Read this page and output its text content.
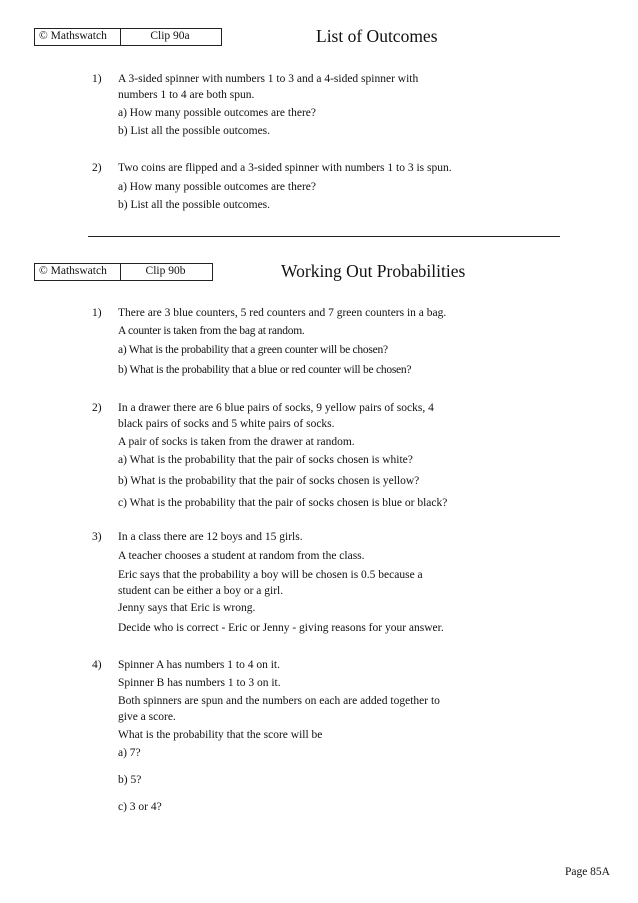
© Mathswatch	Clip 90a	List of Outcomes
1) A 3-sided spinner with numbers 1 to 3 and a 4-sided spinner with
numbers 1 to 4 are both spun.
a) How many possible outcomes are there?
b) List all the possible outcomes.
2) Two coins are flipped and a 3-sided spinner with numbers 1 to 3 is spun.
a) How many possible outcomes are there?
b) List all the possible outcomes.
© Mathswatch	Clip 90b	Working Out Probabilities
1) There are 3 blue counters, 5 red counters and 7 green counters in a bag.
A counter is taken from the bag at random.
a) What is the probability that a green counter will be chosen?
b) What is the probability that a blue or red counter will be chosen?
2) In a drawer there are 6 blue pairs of socks, 9 yellow pairs of socks, 4
black pairs of socks and 5 white pairs of socks.
A pair of socks is taken from the drawer at random.
a) What is the probability that the pair of socks chosen is white?
b) What is the probability that the pair of socks chosen is yellow?
c) What is the probability that the pair of socks chosen is blue or black?
3) In a class there are 12 boys and 15 girls.
A teacher chooses a student at random from the class.
Eric says that the probability a boy will be chosen is 0.5 because a
student can be either a boy or a girl.
Jenny says that Eric is wrong.
Decide who is correct - Eric or Jenny - giving reasons for your answer.
4) Spinner A has numbers 1 to 4 on it.
Spinner B has numbers 1 to 3 on it.
Both spinners are spun and the numbers on each are added together to
give a score.
What is the probability that the score will be
a) 7?
b) 5?
c) 3 or 4?
Page 85A
